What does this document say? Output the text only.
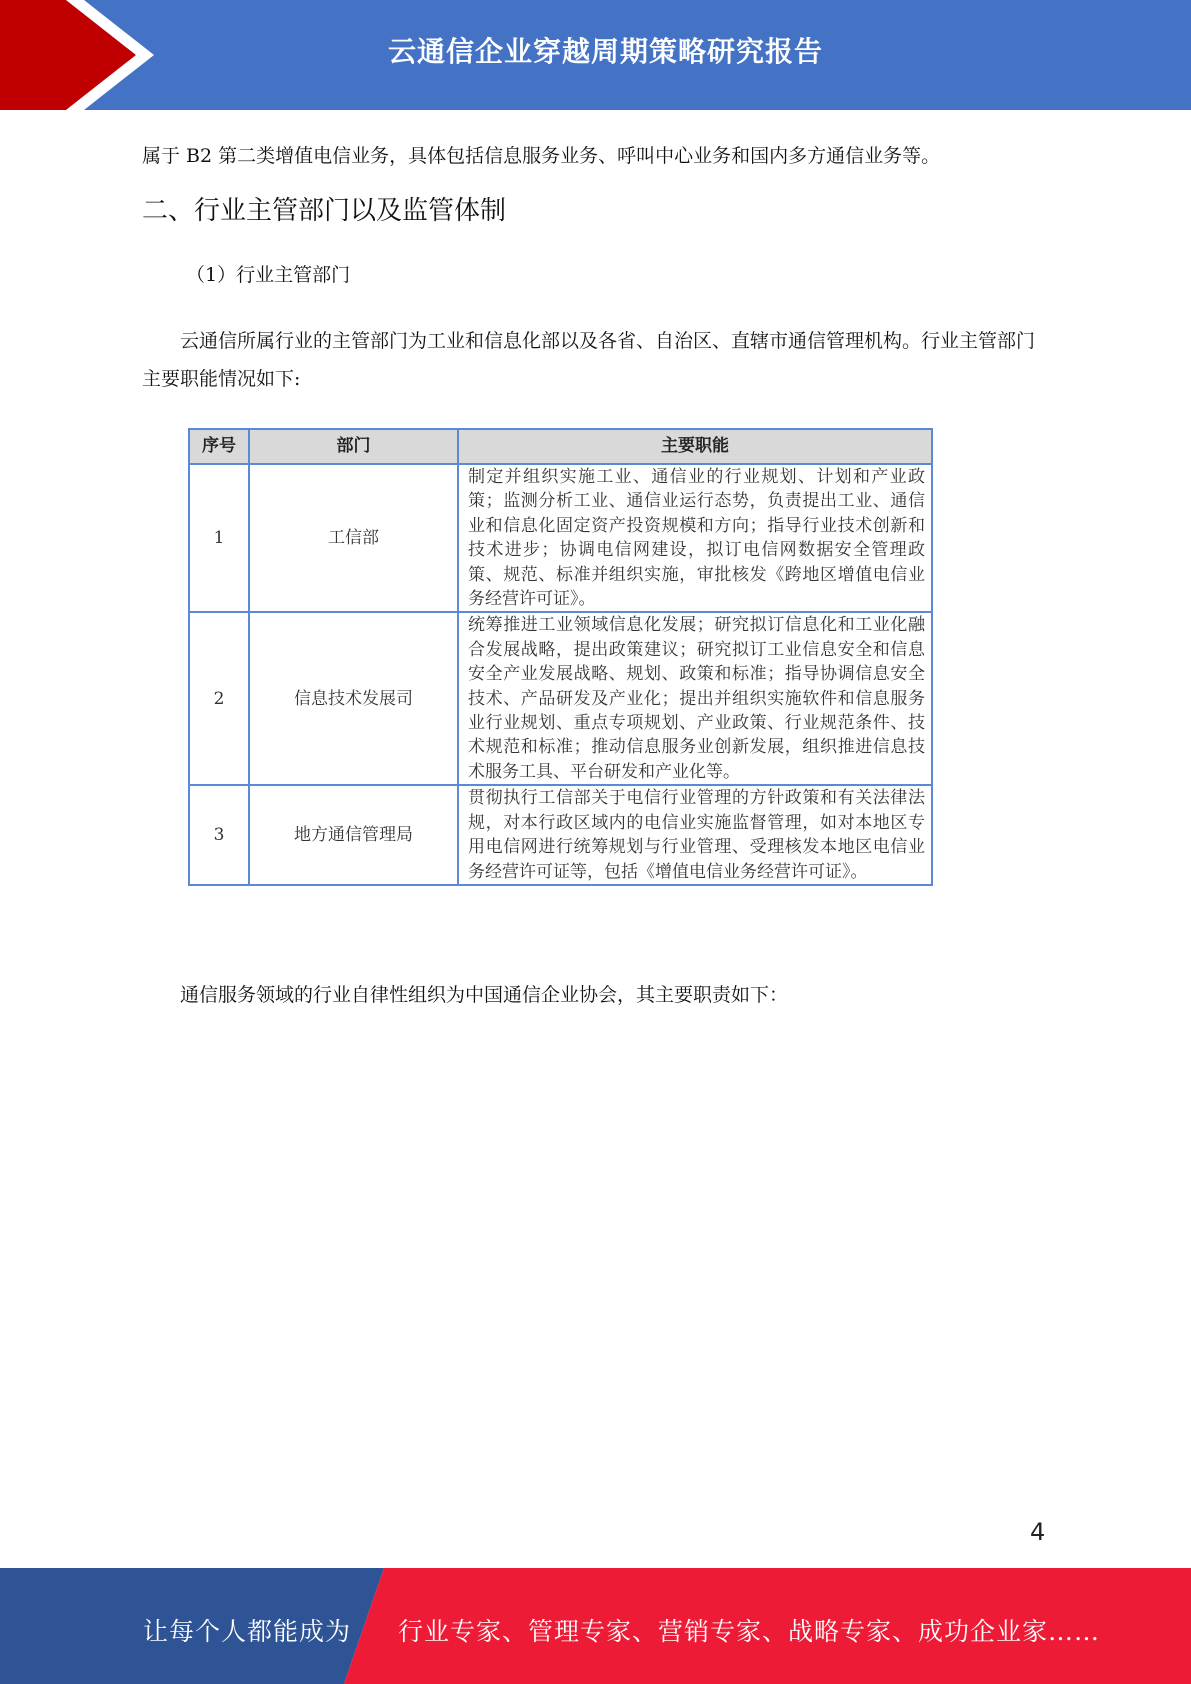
云通信企业穿越周期策略研究报告

属于 B2 第二类增值电信业务，具体包括信息服务业务、呼叫中心业务和国内多方通信业务等。

二、行业主管部门以及监管体制

（1）行业主管部门

云通信所属行业的主管部门为工业和信息化部以及各省、自治区、直辖市通信管理机构。行业主管部门主要职能情况如下:

序号	部门	主要职能
1	工信部	制定并组织实施工业、通信业的行业规划、计划和产业政策；监测分析工业、通信业运行态势，负责提出工业、通信业和信息化固定资产投资规模和方向；指导行业技术创新和技术进步；协调电信网建设，拟订电信网数据安全管理政策、规范、标准并组织实施，审批核发《跨地区增值电信业务经营许可证》。
2	信息技术发展司	统筹推进工业领域信息化发展；研究拟订信息化和工业化融合发展战略，提出政策建议；研究拟订工业信息安全和信息安全产业发展战略、规划、政策和标准；指导协调信息安全技术、产品研发及产业化；提出并组织实施软件和信息服务业行业规划、重点专项规划、产业政策、行业规范条件、技术规范和标准；推动信息服务业创新发展，组织推进信息技术服务工具、平台研发和产业化等。
3	地方通信管理局	贯彻执行工信部关于电信行业管理的方针政策和有关法律法规，对本行政区域内的电信业实施监督管理，如对本地区专用电信网进行统筹规划与行业管理、受理核发本地区电信业务经营许可证等，包括《增值电信业务经营许可证》。

通信服务领域的行业自律性组织为中国通信企业协会，其主要职责如下：

4
让每个人都能成为 行业专家、管理专家、营销专家、战略专家、成功企业家……
